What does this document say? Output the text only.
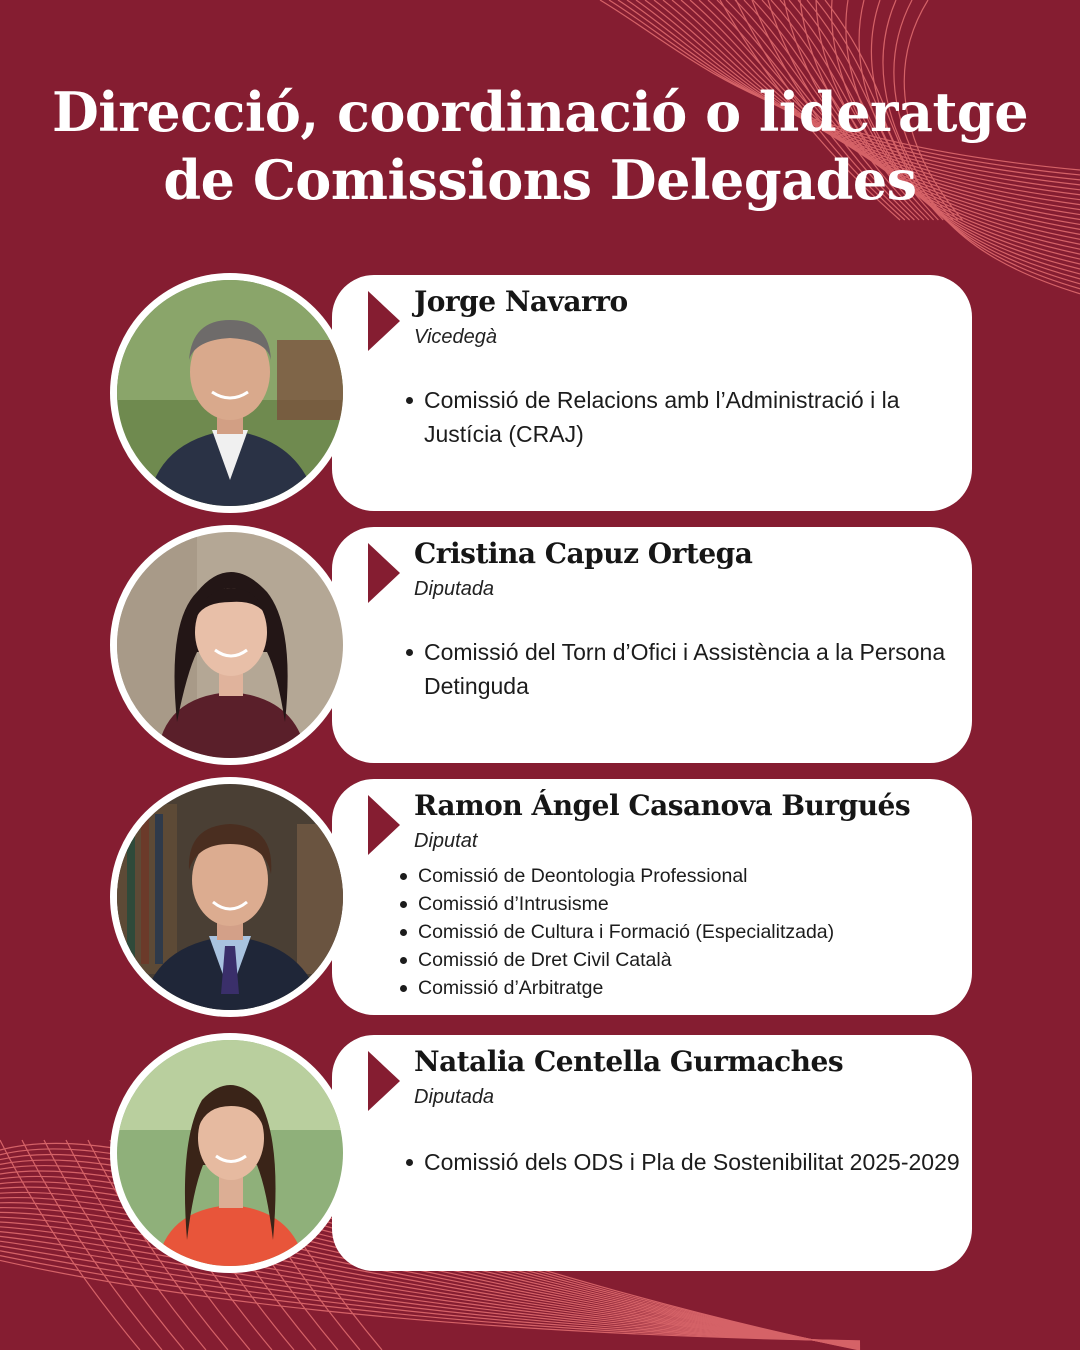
Direcció, coordinació o lideratge
de Comissions Delegades
Jorge Navarro
Vicedegà
Comissió de Relacions amb l’Administració i la Justícia (CRAJ)
Cristina Capuz Ortega
Diputada
Comissió del Torn d’Ofici i Assistència a la Persona Detinguda
Ramon Ángel Casanova Burgués
Diputat
Comissió de Deontologia Professional
Comissió d’Intrusisme
Comissió de Cultura i Formació (Especialitzada)
Comissió de Dret Civil Català
Comissió d’Arbitratge
Natalia Centella Gurmaches
Diputada
Comissió dels ODS i Pla de Sostenibilitat 2025-2029
